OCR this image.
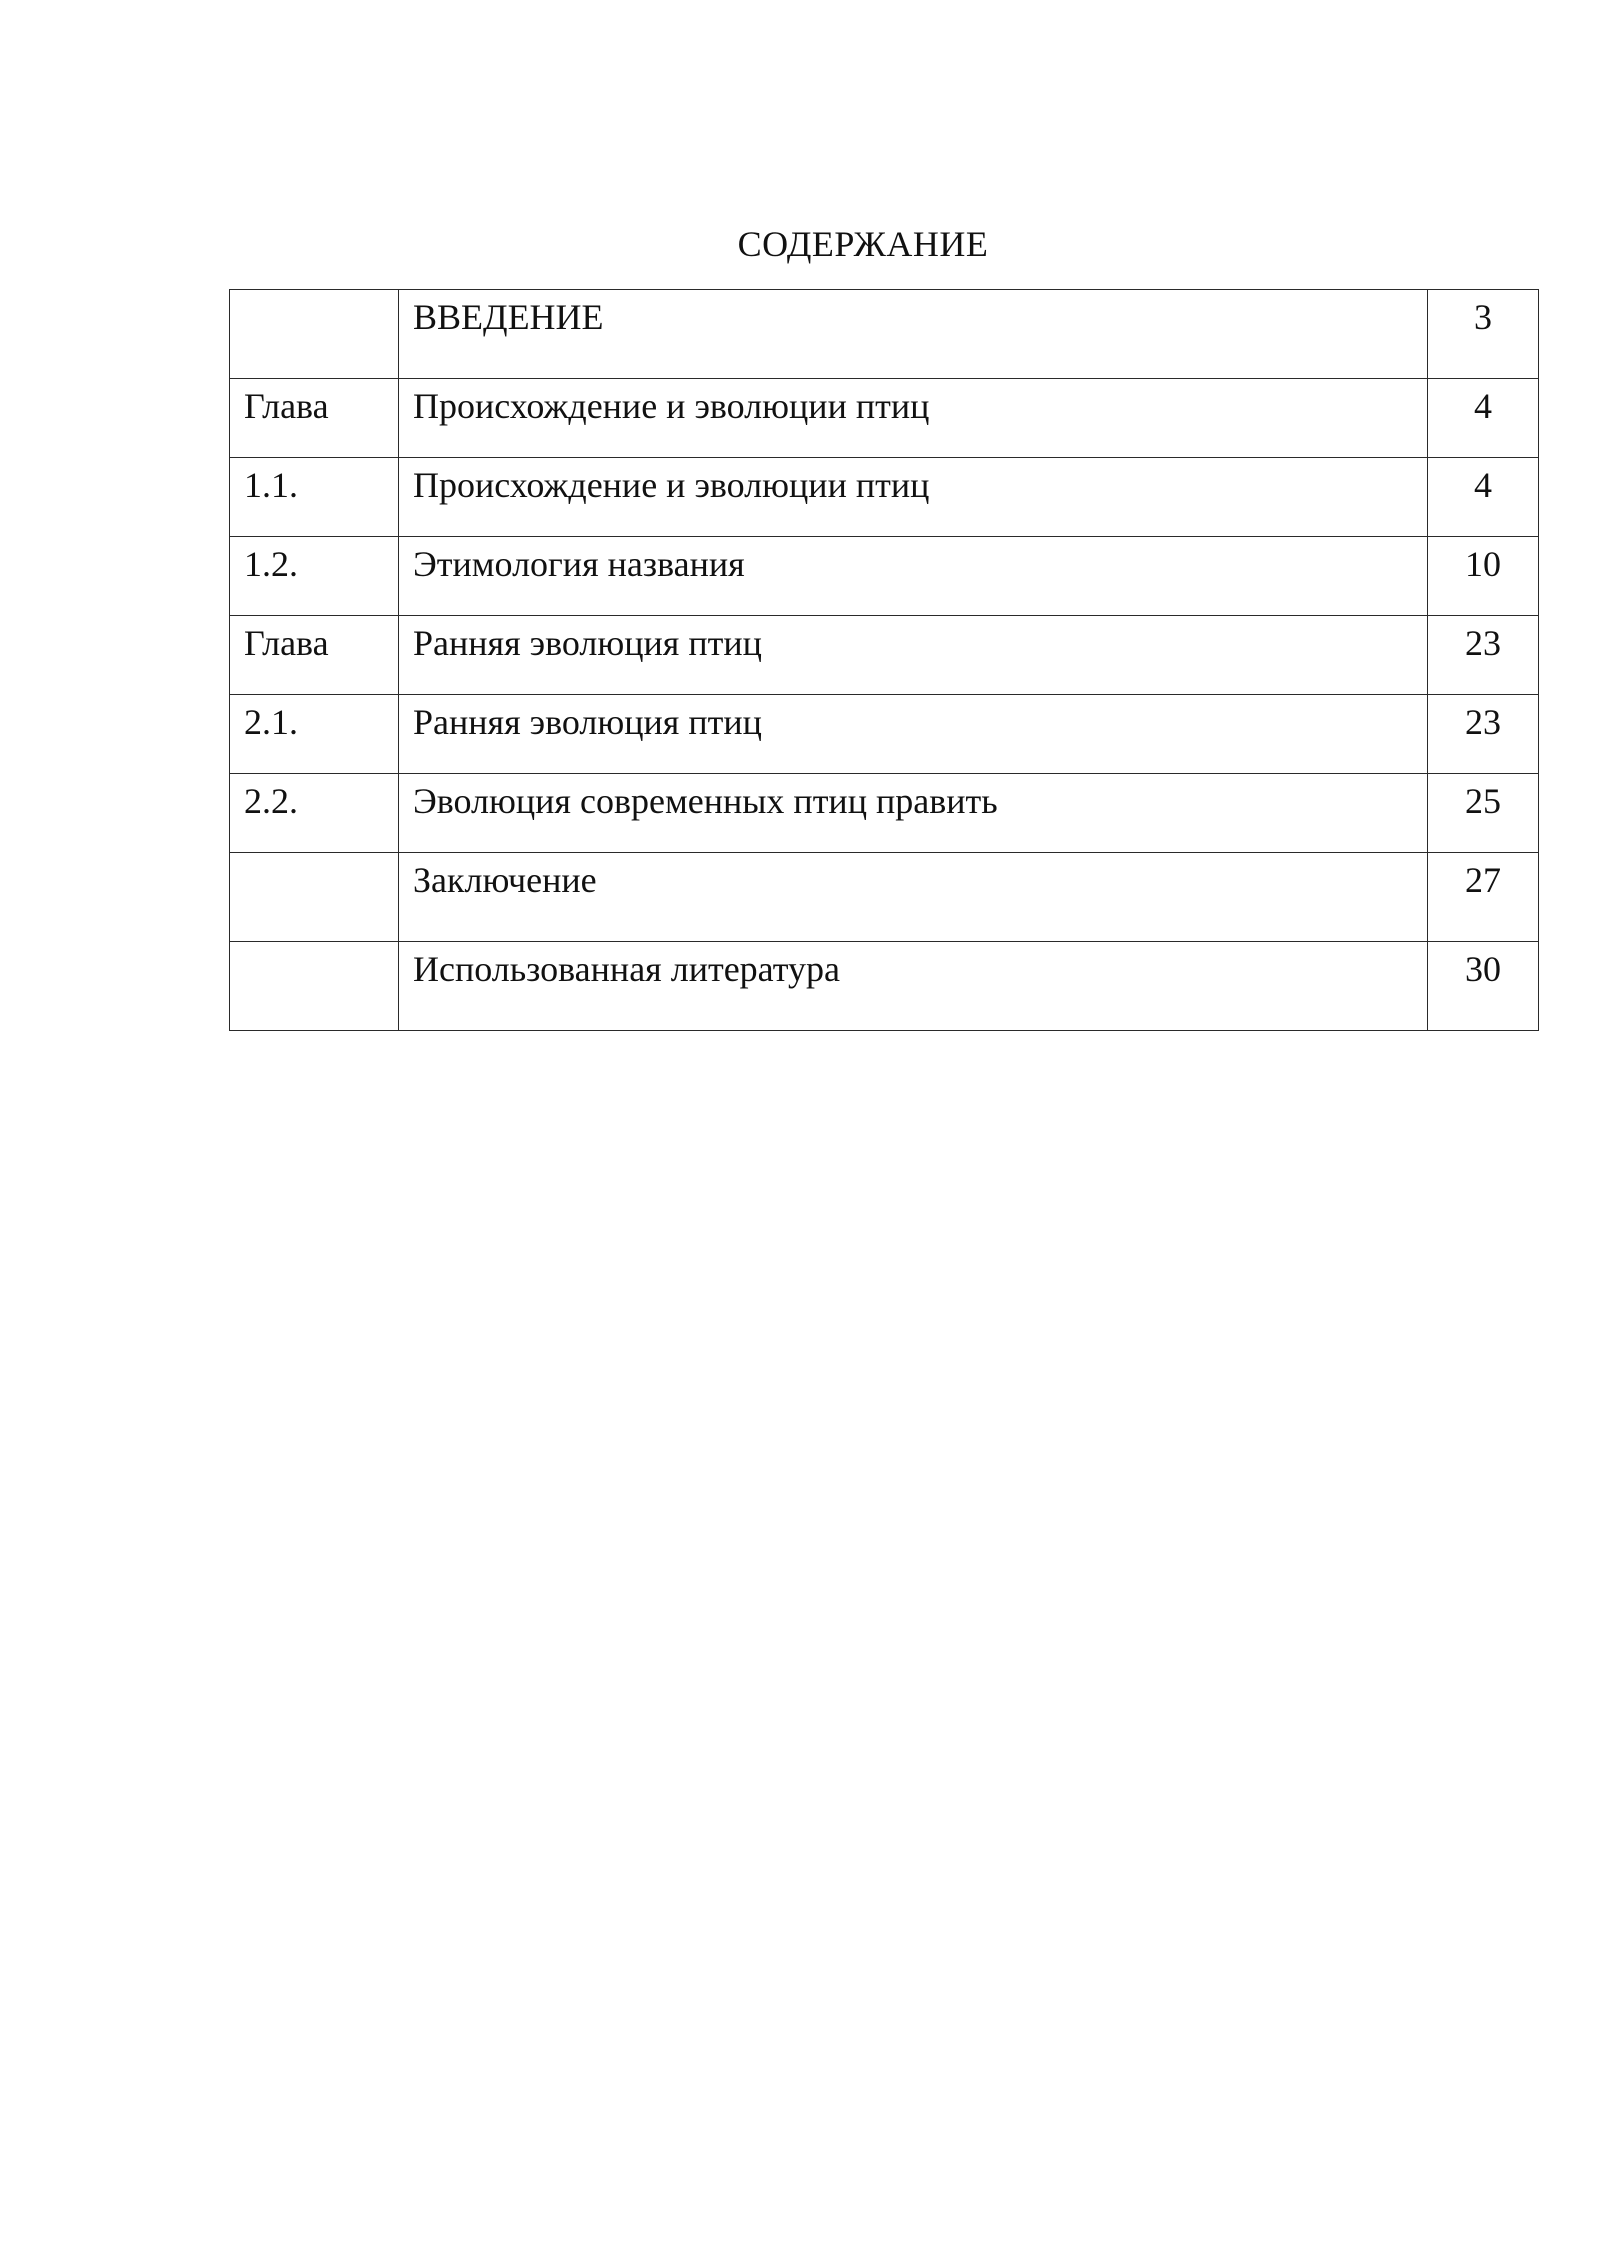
СОДЕРЖАНИЕ
	ВВЕДЕНИЕ	3
Глава	Происхождение и эволюции птиц	4
1.1.	Происхождение и эволюции птиц	4
1.2.	Этимология названия	10
Глава	Ранняя эволюция птиц	23
2.1.	Ранняя эволюция птиц	23
2.2.	Эволюция современных птиц править	25
	Заключение	27
	Использованная литература	30
